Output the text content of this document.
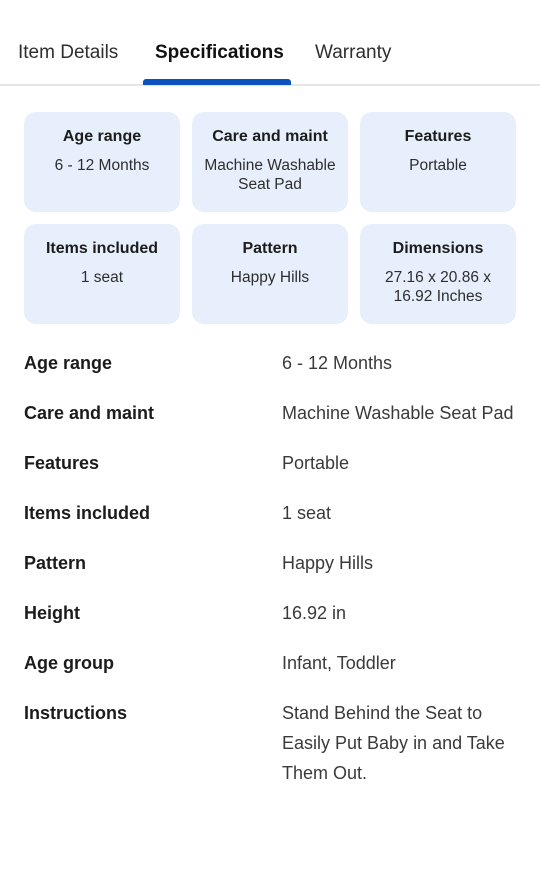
Item Details Specifications Warranty
Age range
6 - 12 Months
Care and maint
Machine Washable Seat Pad
Features
Portable
Items included
1 seat
Pattern
Happy Hills
Dimensions
27.16 x 20.86 x 16.92 Inches
Age range	6 - 12 Months
Care and maint	Machine Washable Seat Pad
Features	Portable
Items included	1 seat
Pattern	Happy Hills
Height	16.92 in
Age group	Infant, Toddler
Instructions	Stand Behind the Seat to Easily Put Baby in and Take Them Out.
